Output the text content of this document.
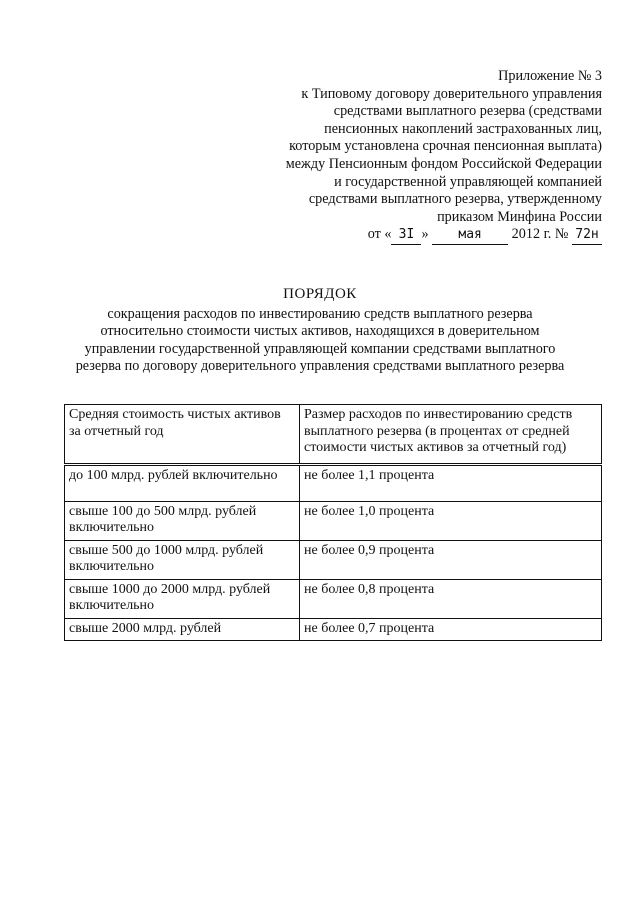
Приложение № 3
к Типовому договору доверительного управления
средствами выплатного резерва (средствами
пенсионных накоплений застрахованных лиц,
которым установлена срочная пенсионная выплата)
между Пенсионным фондом Российской Федерации
и государственной управляющей компанией
средствами выплатного резерва, утвержденному
приказом Минфина России
от « 3I » мая 2012 г. № 72н
ПОРЯДОК
сокращения расходов по инвестированию средств выплатного резерва
относительно стоимости чистых активов, находящихся в доверительном
управлении государственной управляющей компании средствами выплатного
резерва по договору доверительного управления средствами выплатного резерва
Средняя стоимость чистых активов за отчетный год	Размер расходов по инвестированию средств выплатного резерва (в процентах от средней стоимости чистых активов за отчетный год)
до 100 млрд. рублей включительно	не более 1,1 процента
свыше 100 до 500 млрд. рублей включительно	не более 1,0 процента
свыше 500 до 1000 млрд. рублей включительно	не более 0,9 процента
свыше 1000 до 2000 млрд. рублей включительно	не более 0,8 процента
свыше 2000 млрд. рублей	не более 0,7 процента
